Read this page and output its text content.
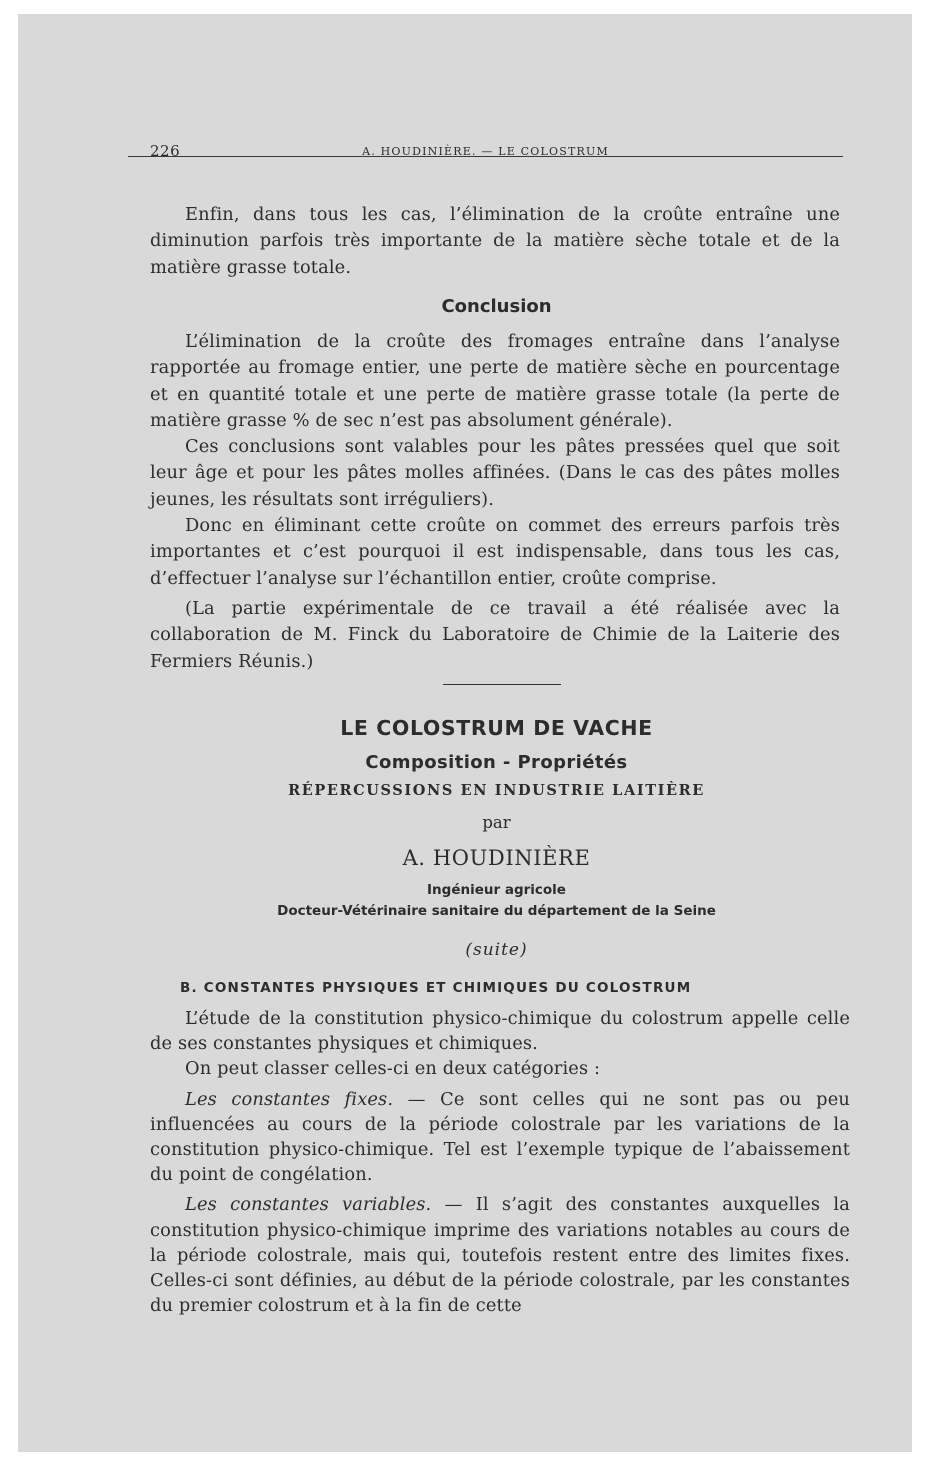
226	A. HOUDINIÈRE. — LE COLOSTRUM

Enfin, dans tous les cas, l’élimination de la croûte entraîne une diminution parfois très importante de la matière sèche totale et de la matière grasse totale.

Conclusion

L’élimination de la croûte des fromages entraîne dans l’analyse rapportée au fromage entier, une perte de matière sèche en pourcentage et en quantité totale et une perte de matière grasse totale (la perte de matière grasse % de sec n’est pas absolument générale).

Ces conclusions sont valables pour les pâtes pressées quel que soit leur âge et pour les pâtes molles affinées. (Dans le cas des pâtes molles jeunes, les résultats sont irréguliers).

Donc en éliminant cette croûte on commet des erreurs parfois très importantes et c’est pourquoi il est indispensable, dans tous les cas, d’effectuer l’analyse sur l’échantillon entier, croûte comprise.

(La partie expérimentale de ce travail a été réalisée avec la collaboration de M. Finck du Laboratoire de Chimie de la Laiterie des Fermiers Réunis.)

LE COLOSTRUM DE VACHE
Composition - Propriétés
RÉPERCUSSIONS EN INDUSTRIE LAITIÈRE
par
A. HOUDINIÈRE
Ingénieur agricole
Docteur-Vétérinaire sanitaire du département de la Seine
(suite)
B. CONSTANTES PHYSIQUES ET CHIMIQUES DU COLOSTRUM

L’étude de la constitution physico-chimique du colostrum appelle celle de ses constantes physiques et chimiques.

On peut classer celles-ci en deux catégories :

Les constantes fixes. — Ce sont celles qui ne sont pas ou peu influencées au cours de la période colostrale par les variations de la constitution physico-chimique. Tel est l’exemple typique de l’abaissement du point de congélation.

Les constantes variables. — Il s’agit des constantes auxquelles la constitution physico-chimique imprime des variations notables au cours de la période colostrale, mais qui, toutefois restent entre des limites fixes. Celles-ci sont définies, au début de la période colostrale, par les constantes du premier colostrum et à la fin de cette
